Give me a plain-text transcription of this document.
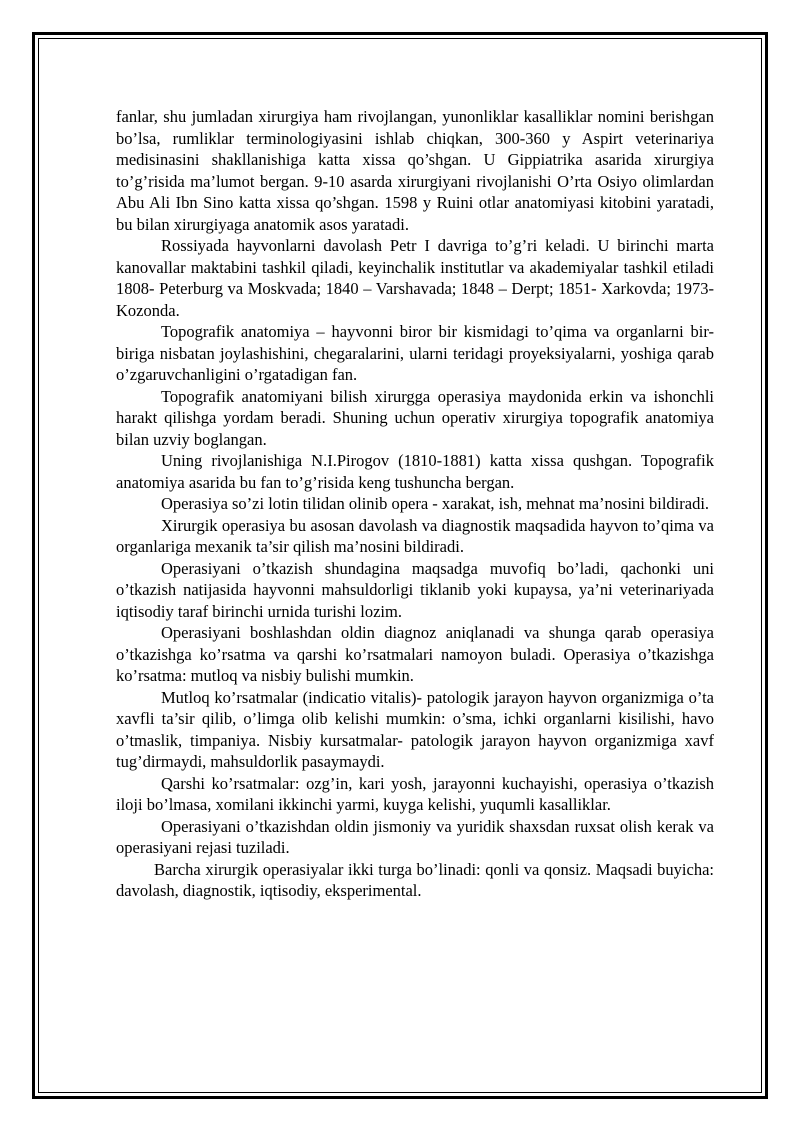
fanlar, shu jumladan xirurgiya ham rivojlangan, yunonliklar kasalliklar nomini berishgan bo’lsa, rumliklar terminologiyasini ishlab chiqkan, 300-360 y Aspirt veterinariya medisinasini shakllanishiga katta xissa qo’shgan. U Gippiatrika asarida xirurgiya to’g’risida ma’lumot bergan. 9-10 asarda xirurgiyani rivojlanishi O’rta Osiyo olimlardan Abu Ali Ibn Sino katta xissa qo’shgan. 1598 y Ruini otlar anatomiyasi kitobini yaratadi, bu bilan xirurgiyaga anatomik asos yaratadi.

Rossiyada hayvonlarni davolash Petr I davriga to’g’ri keladi. U birinchi marta kanovallar maktabini tashkil qiladi, keyinchalik institutlar va akademiyalar tashkil etiladi 1808- Peterburg va Moskvada; 1840 – Varshavada; 1848 – Derpt; 1851- Xarkovda; 1973- Kozonda.

Topografik anatomiya – hayvonni biror bir kismidagi to’qima va organlarni bir-biriga nisbatan joylashishini, chegaralarini, ularni teridagi proyeksiyalarni, yoshiga qarab o’zgaruvchanligini o’rgatadigan fan.

Topografik anatomiyani bilish xirurgga operasiya maydonida erkin va ishonchli harakt qilishga yordam beradi. Shuning uchun operativ xirurgiya topografik anatomiya bilan uzviy boglangan.

Uning rivojlanishiga N.I.Pirogov (1810-1881) katta xissa qushgan. Topografik anatomiya asarida bu fan to’g’risida keng tushuncha bergan.

Operasiya so’zi lotin tilidan olinib opera - xarakat, ish, mehnat ma’nosini bildiradi.

Xirurgik operasiya bu asosan davolash va diagnostik maqsadida hayvon to’qima va organlariga mexanik ta’sir qilish ma’nosini bildiradi.

Operasiyani o’tkazish shundagina maqsadga muvofiq bo’ladi, qachonki uni o’tkazish natijasida hayvonni mahsuldorligi tiklanib yoki kupaysa, ya’ni veterinariyada iqtisodiy taraf birinchi urnida turishi lozim.

Operasiyani boshlashdan oldin diagnoz aniqlanadi va shunga qarab operasiya o’tkazishga ko’rsatma va qarshi ko’rsatmalari namoyon buladi. Operasiya o’tkazishga ko’rsatma: mutloq va nisbiy bulishi mumkin.

Mutloq ko’rsatmalar (indicatio vitalis)- patologik jarayon hayvon organizmiga o’ta xavfli ta’sir qilib, o’limga olib kelishi mumkin: o’sma, ichki organlarni kisilishi, havo o’tmaslik, timpaniya. Nisbiy kursatmalar- patologik jarayon hayvon organizmiga xavf tug’dirmaydi, mahsuldorlik pasaymaydi.

Qarshi ko’rsatmalar: ozg’in, kari yosh, jarayonni kuchayishi, operasiya o’tkazish iloji bo’lmasa, xomilani ikkinchi yarmi, kuyga kelishi, yuqumli kasalliklar.

Operasiyani o’tkazishdan oldin jismoniy va yuridik shaxsdan ruxsat olish kerak va operasiyani rejasi tuziladi.

Barcha xirurgik operasiyalar ikki turga bo’linadi: qonli va qonsiz. Maqsadi buyicha: davolash, diagnostik, iqtisodiy, eksperimental.
